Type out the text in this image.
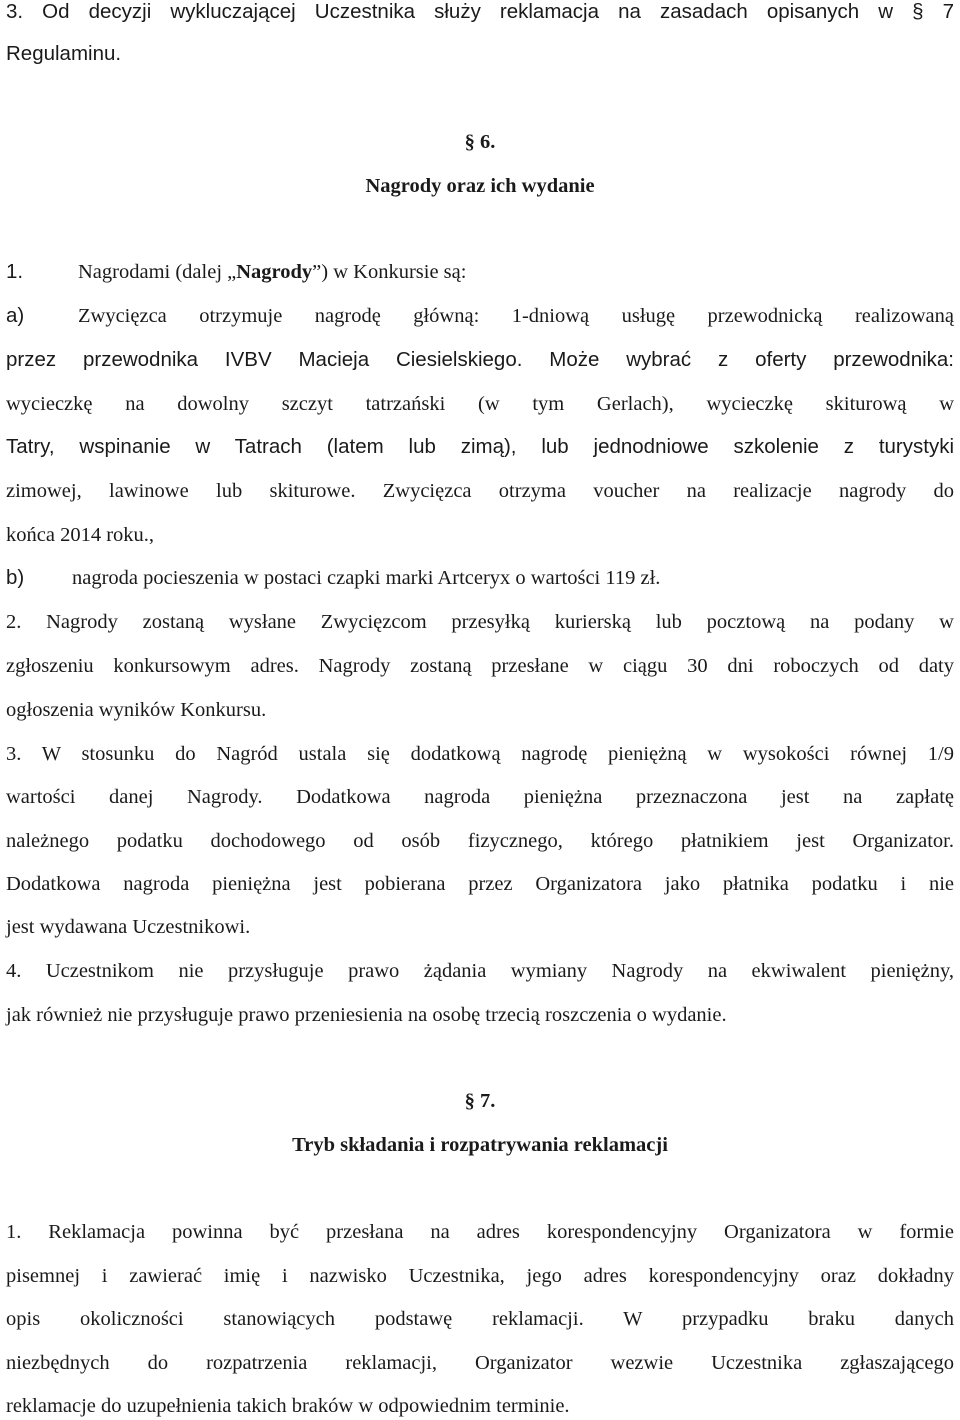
3. Od decyzji wykluczającej Uczestnika służy reklamacja na zasadach opisanych w § 7
Regulaminu.
§ 6.
Nagrody oraz ich wydanie
1.	Nagrodami (dalej „Nagrody”) w Konkursie są:
a)	Zwycięzca otrzymuje nagrodę główną: 1-dniową usługę przewodnicką realizowaną
przez przewodnika IVBV Macieja Ciesielskiego. Może wybrać z oferty przewodnika:
wycieczkę na dowolny szczyt tatrzański (w tym Gerlach), wycieczkę skiturową w
Tatry, wspinanie w Tatrach (latem lub zimą), lub jednodniowe szkolenie z turystyki
zimowej, lawinowe lub skiturowe. Zwycięzca otrzyma voucher na realizacje nagrody do
końca 2014 roku.,
b) nagroda pocieszenia w postaci czapki marki Artceryx o wartości 119 zł.
2. Nagrody zostaną wysłane Zwycięzcom przesyłką kurierską lub pocztową na podany w
zgłoszeniu konkursowym adres. Nagrody zostaną przesłane w ciągu 30 dni roboczych od daty
ogłoszenia wyników Konkursu.
3. W stosunku do Nagród ustala się dodatkową nagrodę pieniężną w wysokości równej 1/9
wartości danej Nagrody. Dodatkowa nagroda pieniężna przeznaczona jest na zapłatę
należnego podatku dochodowego od osób fizycznego, którego płatnikiem jest Organizator.
Dodatkowa nagroda pieniężna jest pobierana przez Organizatora jako płatnika podatku i nie
jest wydawana Uczestnikowi.
4. Uczestnikom nie przysługuje prawo żądania wymiany Nagrody na ekwiwalent pieniężny,
jak również nie przysługuje prawo przeniesienia na osobę trzecią roszczenia o wydanie.
§ 7.
Tryb składania i rozpatrywania reklamacji
1. Reklamacja powinna być przesłana na adres korespondencyjny Organizatora w formie
pisemnej i zawierać imię i nazwisko Uczestnika, jego adres korespondencyjny oraz dokładny
opis okoliczności stanowiących podstawę reklamacji. W przypadku braku danych
niezbędnych do rozpatrzenia reklamacji, Organizator wezwie Uczestnika zgłaszającego
reklamacje do uzupełnienia takich braków w odpowiednim terminie.
